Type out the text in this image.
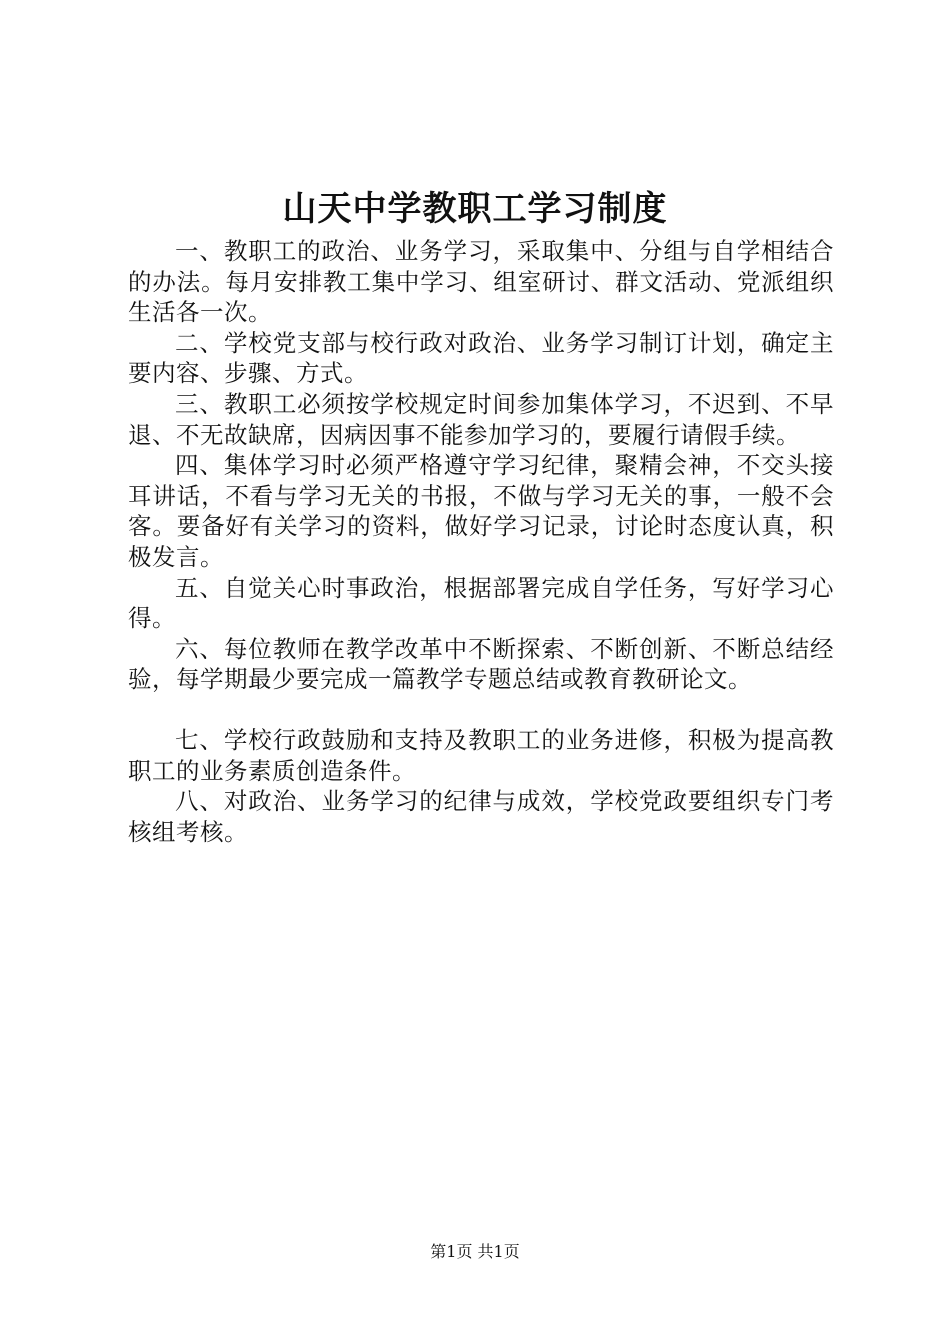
山天中学教职工学习制度

一、教职工的政治、业务学习，采取集中、分组与自学相结合的办法。每月安排教工集中学习、组室研讨、群文活动、党派组织生活各一次。

二、学校党支部与校行政对政治、业务学习制订计划，确定主要内容、步骤、方式。

三、教职工必须按学校规定时间参加集体学习，不迟到、不早退、不无故缺席，因病因事不能参加学习的，要履行请假手续。

四、集体学习时必须严格遵守学习纪律，聚精会神，不交头接耳讲话，不看与学习无关的书报，不做与学习无关的事，一般不会客。要备好有关学习的资料，做好学习记录，讨论时态度认真，积极发言。

五、自觉关心时事政治，根据部署完成自学任务，写好学习心得。

六、每位教师在教学改革中不断探索、不断创新、不断总结经验，每学期最少要完成一篇教学专题总结或教育教研论文。

七、学校行政鼓励和支持及教职工的业务进修，积极为提高教职工的业务素质创造条件。

八、对政治、业务学习的纪律与成效，学校党政要组织专门考核组考核。

第1页 共1页
